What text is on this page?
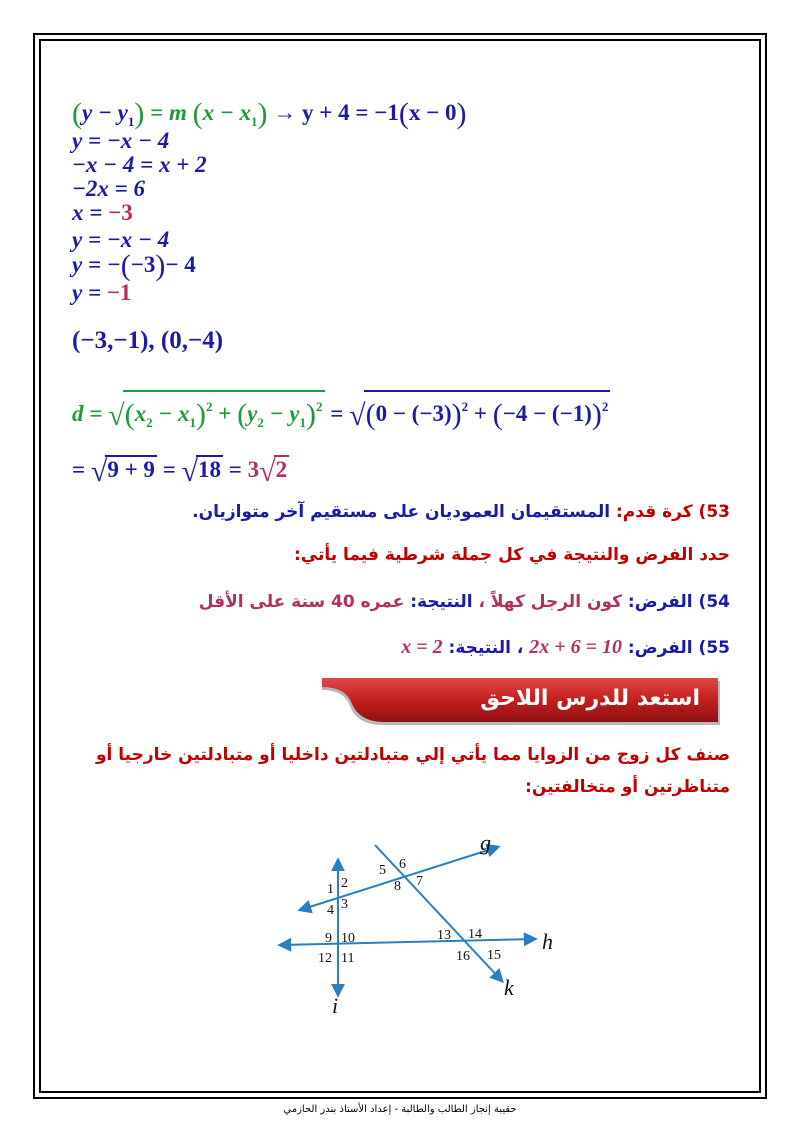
$(y - y_1) = m$ $(x - x_1) \to y + 4 = -1(x - 0)$
y = −x − 4
−x − 4 = x + 2
−2x = 6
x = −3
y = −x − 4
y = −(−3)− 4
y = −1
(−3,−1), (0,−4)
$d = √(x_2 - x_1)^2 + (y_2 - y_1)^2 = √(0 - (-3))^2 + (-4 - (-1))^2$
= √9 + 9 = √18 = 3√2
53) كرة قدم: المستقيمان العموديان على مستقيم آخر متوازيان.
حدد الفرض والنتيجة في كل جملة شرطية فيما يأتي:
54) الفرض: كون الرجل كهلاً ، النتيجة: عمره 40 سنة على الأقل
55) الفرض: 2x + 6 = 10 ، النتيجة: x = 2
استعد للدرس اللاحق
صنف كل زوج من الزوايا مما يأتي إلي متبادلتين داخليا أو متبادلتين خارجيا أو
متناظرتين أو متخالفتين:
g
h
k
i
1 2
3
4
5 6
7
8
9 10
11
12
13 14
15
16
حقيبة إنجاز الطالب والطالبة - إعداد الأستاذ بندر الحازمي
